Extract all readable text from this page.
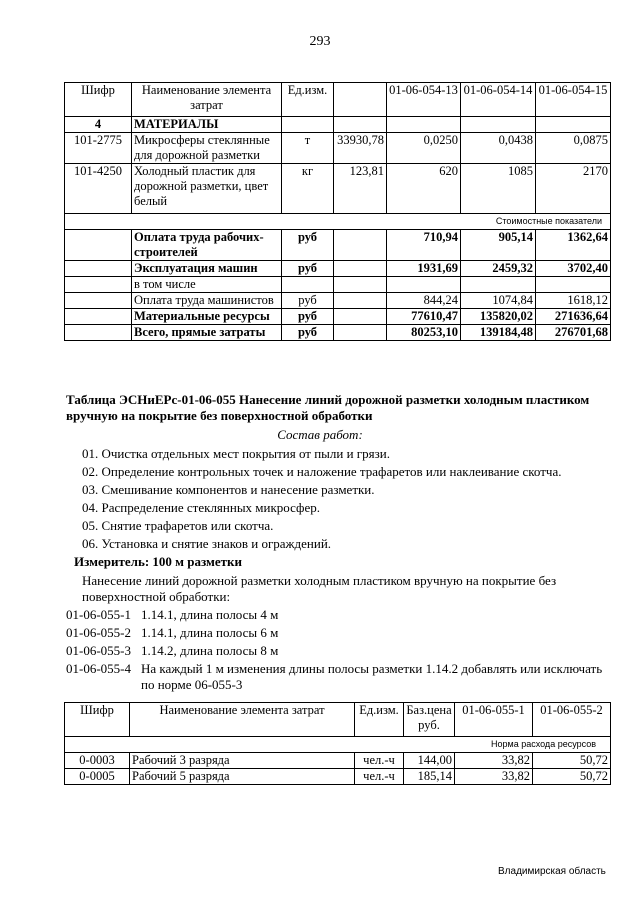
293
Шифр	Наименование элемента затрат	Ед.изм.		01-06-054-13	01-06-054-14	01-06-054-15
4	МАТЕРИАЛЫ					
101-2775	Микросферы стеклянные для дорожной разметки	т	33930,78	0,0250	0,0438	0,0875
101-4250	Холодный пластик для дорожной разметки, цвет белый	кг	123,81	620	1085	2170
Стоимостные показатели						
	Оплата труда рабочих-строителей	руб		710,94	905,14	1362,64
	Эксплуатация машин	руб		1931,69	2459,32	3702,40
	в том числе					
	Оплата труда машинистов	руб		844,24	1074,84	1618,12
	Материальные ресурсы	руб		77610,47	135820,02	271636,64
	Всего, прямые затраты	руб		80253,10	139184,48	276701,68
Таблица ЭСНиЕРс-01-06-055 Нанесение линий дорожной разметки холодным пластиком
вручную на покрытие без поверхностной обработки
Состав работ:
01. Очистка отдельных мест покрытия от пыли и грязи.
02. Определение контрольных точек и наложение трафаретов или наклеивание скотча.
03. Смешивание компонентов и нанесение разметки.
04. Распределение стеклянных микросфер.
05. Снятие трафаретов или скотча.
06. Установка и снятие знаков и ограждений.
Измеритель: 100 м разметки
Нанесение линий дорожной разметки холодным пластиком вручную на покрытие без
поверхностной обработки:
01-06-055-1 1.14.1, длина полосы 4 м
01-06-055-2 1.14.1, длина полосы 6 м
01-06-055-3 1.14.2, длина полосы 8 м
01-06-055-4 На каждый 1 м изменения длины полосы разметки 1.14.2 добавлять или исключать
по норме 06-055-3
Шифр	Наименование элемента затрат	Ед.изм.	Баз.цена руб.	01-06-055-1	01-06-055-2
Норма расхода ресурсов					
0-0003	Рабочий 3 разряда	чел.-ч	144,00	33,82	50,72
0-0005	Рабочий 5 разряда	чел.-ч	185,14	33,82	50,72
Владимирская область
